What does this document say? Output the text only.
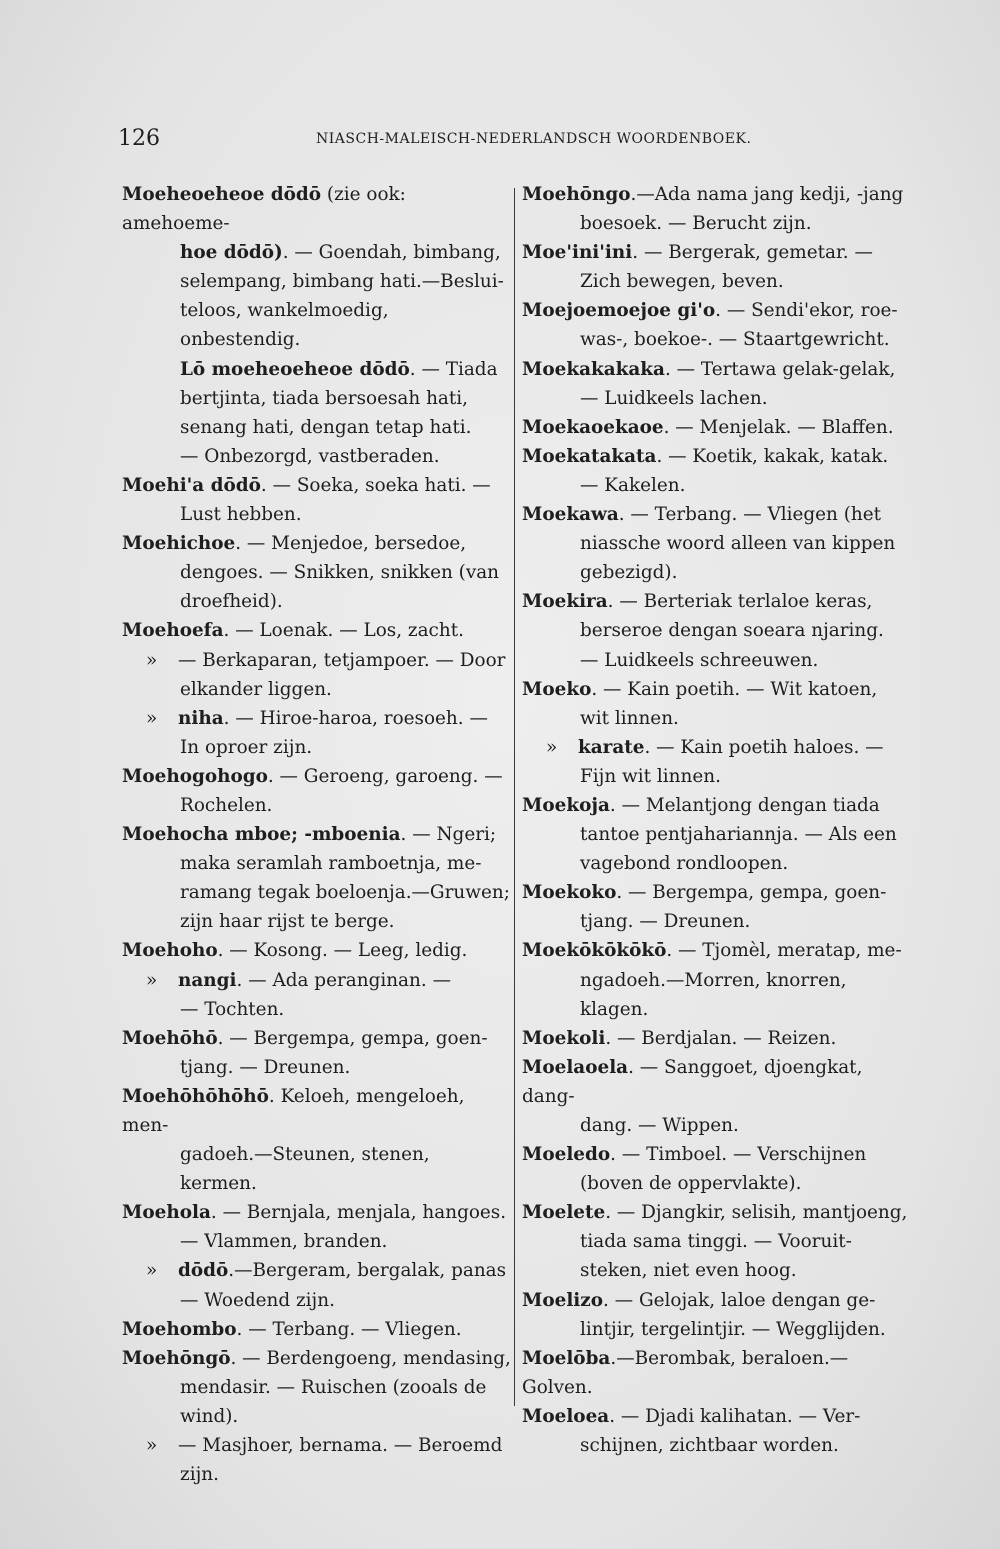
126	NIASCH-MALEISCH-NEDERLANDSCH WOORDENBOEK.
Moeheoeheoe dōdō (zie ook: amehoeme-
hoe dōdō). — Goendah, bimbang,
selempang, bimbang hati.—Beslui-
teloos, wankelmoedig, onbestendig.
Lō moeheoeheoe dōdō. — Tiada
bertjinta, tiada bersoesah hati,
senang hati, dengan tetap hati.
— Onbezorgd, vastberaden.
Moehi'a dōdō. — Soeka, soeka hati. —
Lust hebben.
Moehichoe. — Menjedoe, bersedoe,
dengoes. — Snikken, snikken (van
droefheid).
Moehoefa. — Loenak. — Los, zacht.
» — Berkaparan, tetjampoer. — Door
elkander liggen.
» niha. — Hiroe-haroa, roesoeh. —
In oproer zijn.
Moehogohogo. — Geroeng, garoeng. —
Rochelen.
Moehocha mboe; -mboenia. — Ngeri;
maka seramlah ramboetnja, me-
ramang tegak boeloenja.—Gruwen;
zijn haar rijst te berge.
Moehoho. — Kosong. — Leeg, ledig.
» nangi. — Ada peranginan. —
— Tochten.
Moehōhō. — Bergempa, gempa, goen-
tjang. — Dreunen.
Moehōhōhōhō. Keloeh, mengeloeh, men-
gadoeh.—Steunen, stenen, kermen.
Moehola. — Bernjala, menjala, hangoes.
— Vlammen, branden.
» dōdō.—Bergeram, bergalak, panas
— Woedend zijn.
Moehombo. — Terbang. — Vliegen.
Moehōngō. — Berdengoeng, mendasing,
mendasir. — Ruischen (zooals de
wind).
» — Masjhoer, bernama. — Beroemd
zijn.
Moehōngo.—Ada nama jang kedji, -jang
boesoek. — Berucht zijn.
Moe'ini'ini. — Bergerak, gemetar. —
Zich bewegen, beven.
Moejoemoejoe gi'o. — Sendi'ekor, roe-
was-, boekoe-. — Staartgewricht.
Moekakakaka. — Tertawa gelak-gelak,
— Luidkeels lachen.
Moekaoekaoe. — Menjelak. — Blaffen.
Moekatakata. — Koetik, kakak, katak.
— Kakelen.
Moekawa. — Terbang. — Vliegen (het
niassche woord alleen van kippen
gebezigd).
Moekira. — Berteriak terlaloe keras,
berseroe dengan soeara njaring.
— Luidkeels schreeuwen.
Moeko. — Kain poetih. — Wit katoen,
wit linnen.
» karate. — Kain poetih haloes. —
Fijn wit linnen.
Moekoja. — Melantjong dengan tiada
tantoe pentjahariannja. — Als een
vagebond rondloopen.
Moekoko. — Bergempa, gempa, goen-
tjang. — Dreunen.
Moekōkōkōkō. — Tjomèl, meratap, me-
ngadoeh.—Morren, knorren, klagen.
Moekoli. — Berdjalan. — Reizen.
Moelaoela. — Sanggoet, djoengkat, dang-
dang. — Wippen.
Moeledo. — Timboel. — Verschijnen
(boven de oppervlakte).
Moelete. — Djangkir, selisih, mantjoeng,
tiada sama tinggi. — Vooruit-
steken, niet even hoog.
Moelizo. — Gelojak, laloe dengan ge-
lintjir, tergelintjir. — Wegglijden.
Moelōba.—Berombak, beraloen.—Golven.
Moeloea. — Djadi kalihatan. — Ver-
schijnen, zichtbaar worden.
